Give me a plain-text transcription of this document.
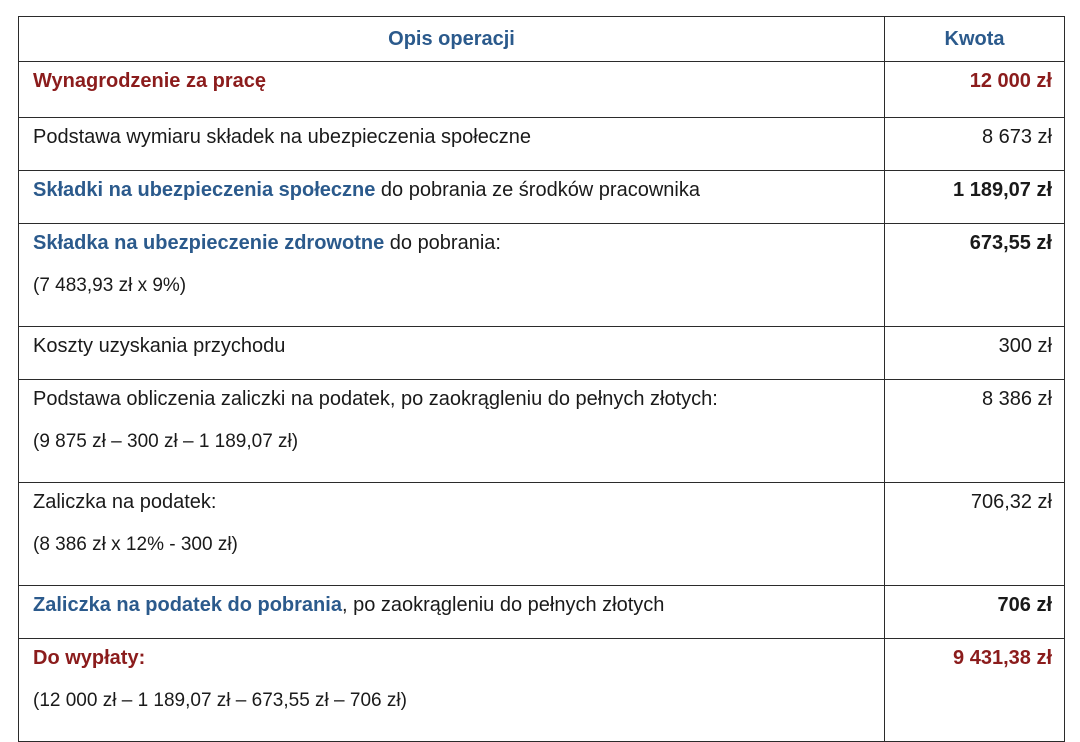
Opis operacji	Kwota
Wynagrodzenie za pracę	12 000 zł
Podstawa wymiaru składek na ubezpieczenia społeczne	8 673 zł
Składki na ubezpieczenia społeczne do pobrania ze środków pracownika	1 189,07 zł

Składka na ubezpieczenie zdrowotne do pobrania:
(7 483,93 zł x 9%)	673,55 zł
Koszty uzyskania przychodu	300 zł

Podstawa obliczenia zaliczki na podatek, po zaokrągleniu do pełnych złotych:
(9 875 zł – 300 zł – 1 189,07 zł)	8 386 zł

Zaliczka na podatek:
(8 386 zł x 12% - 300 zł)	706,32 zł
Zaliczka na podatek do pobrania, po zaokrągleniu do pełnych złotych	706 zł

Do wypłaty:
(12 000 zł – 1 189,07 zł – 673,55 zł – 706 zł)	9 431,38 zł
